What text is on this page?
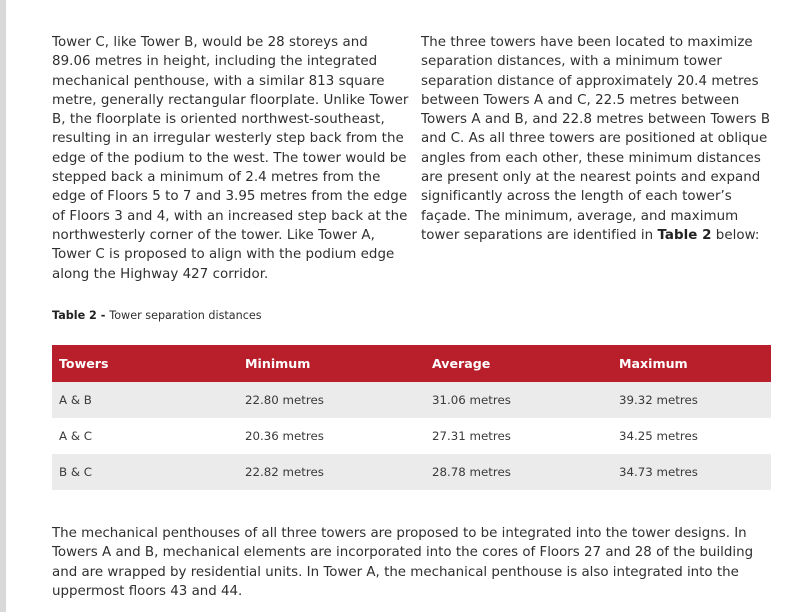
Tower C, like Tower B, would be 28 storeys and 89.06 metres in height, including the integrated mechanical penthouse, with a similar 813 square metre, generally rectangular floorplate. Unlike Tower B, the floorplate is oriented northwest-southeast, resulting in an irregular westerly step back from the edge of the podium to the west. The tower would be stepped back a minimum of 2.4 metres from the edge of Floors 5 to 7 and 3.95 metres from the edge of Floors 3 and 4, with an increased step back at the northwesterly corner of the tower. Like Tower A, Tower C is proposed to align with the podium edge along the Highway 427 corridor.
The three towers have been located to maximize separation distances, with a minimum tower separation distance of approximately 20.4 metres between Towers A and C, 22.5 metres between Towers A and B, and 22.8 metres between Towers B and C. As all three towers are positioned at oblique angles from each other, these minimum distances are present only at the nearest points and expand significantly across the length of each tower’s façade. The minimum, average, and maximum tower separations are identified in Table 2 below:
Table 2 - Tower separation distances
Towers	Minimum	Average	Maximum
A & B	22.80 metres	31.06 metres	39.32 metres
A & C	20.36 metres	27.31 metres	34.25 metres
B & C	22.82 metres	28.78 metres	34.73 metres
The mechanical penthouses of all three towers are proposed to be integrated into the tower designs. In Towers A and B, mechanical elements are incorporated into the cores of Floors 27 and 28 of the building and are wrapped by residential units. In Tower A, the mechanical penthouse is also integrated into the uppermost floors 43 and 44.
